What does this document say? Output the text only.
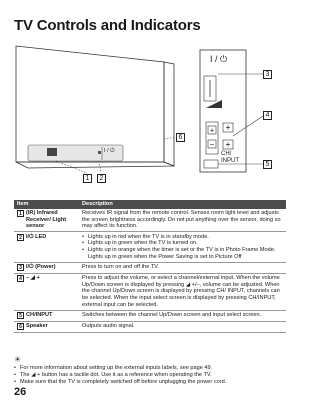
TV Controls and Indicators
+
–
+
+
I / ⏻
I / ⏻	CH/
INPUT
3
4
5
6
1	2
Item	Description
1 (IR) Infrared Receiver/ Light sensor	Receives IR signal from the remote control. Senses room light level and adjusts the screen brightness accordingly. Do not put anything over the sensor, doing so may affect its function.
2 I/⏻ LED	• Lights up in red when the TV is in standby mode.
• Lights up in green when the TV is turned on.
• Lights up in orange when the timer is set or the TV is in Photo Frame Mode. Lights up in green when the Power Saving is set to Picture Off

3 I/⏻ (Power)	Press to turn on and off the TV.
4 – ◢ +	Press to adjust the volume, or select a channel/external input. When the volume Up/Down screen is displayed by pressing ◢ +/–, volume can be adjusted. When the channel Up/Down screen is displayed by pressing CH/ INPUT, channels can be selected. When the input select screen is displayed by pressing CH/INPUT, external input can be selected.
5 CH/INPUT	Switches between the channel Up/Down screen and input select screen.
6 Speaker	Outputs audio signal.
☀
• For more information about setting up the external inputs labels, see page 49.
• The ◢ + button has a tactile dot. Use it as a reference when operating the TV.
• Make sure that the TV is completely switched off before unplugging the power cord.
26
